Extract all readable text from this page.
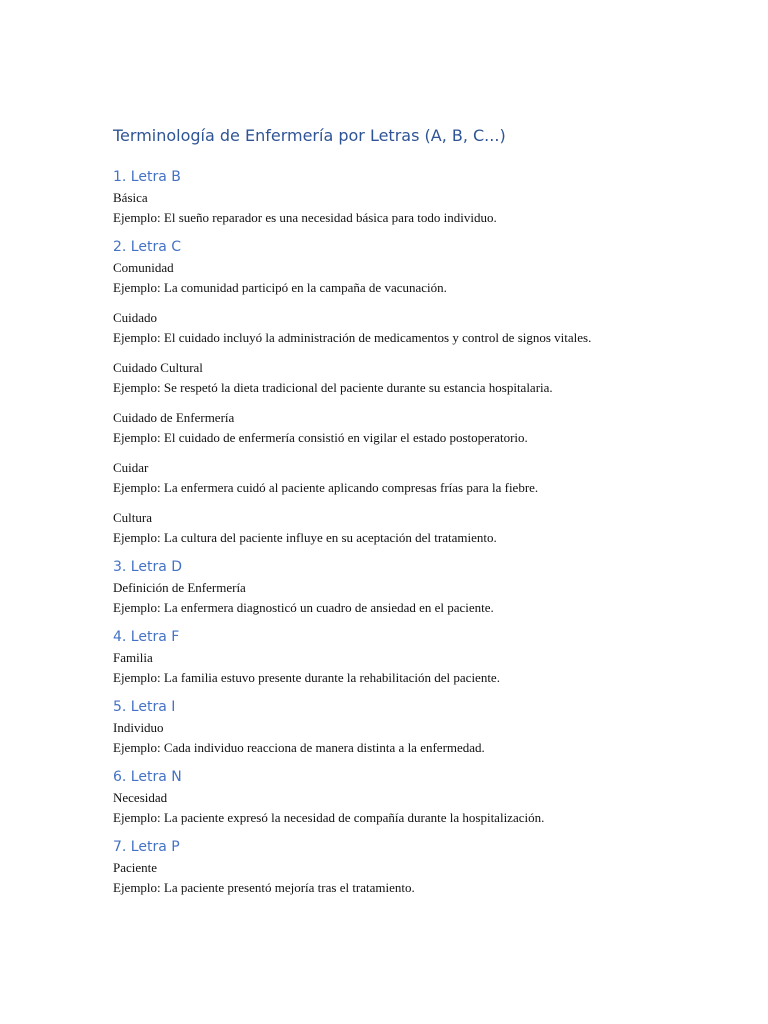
Terminología de Enfermería por Letras (A, B, C...)
1. Letra B

Básica

Ejemplo: El sueño reparador es una necesidad básica para todo individuo.

2. Letra C

Comunidad

Ejemplo: La comunidad participó en la campaña de vacunación.

Cuidado

Ejemplo: El cuidado incluyó la administración de medicamentos y control de signos vitales.

Cuidado Cultural

Ejemplo: Se respetó la dieta tradicional del paciente durante su estancia hospitalaria.

Cuidado de Enfermería

Ejemplo: El cuidado de enfermería consistió en vigilar el estado postoperatorio.

Cuidar

Ejemplo: La enfermera cuidó al paciente aplicando compresas frías para la fiebre.

Cultura

Ejemplo: La cultura del paciente influye en su aceptación del tratamiento.

3. Letra D

Definición de Enfermería

Ejemplo: La enfermera diagnosticó un cuadro de ansiedad en el paciente.

4. Letra F

Familia

Ejemplo: La familia estuvo presente durante la rehabilitación del paciente.

5. Letra I

Individuo

Ejemplo: Cada individuo reacciona de manera distinta a la enfermedad.

6. Letra N

Necesidad

Ejemplo: La paciente expresó la necesidad de compañía durante la hospitalización.

7. Letra P

Paciente

Ejemplo: La paciente presentó mejoría tras el tratamiento.
